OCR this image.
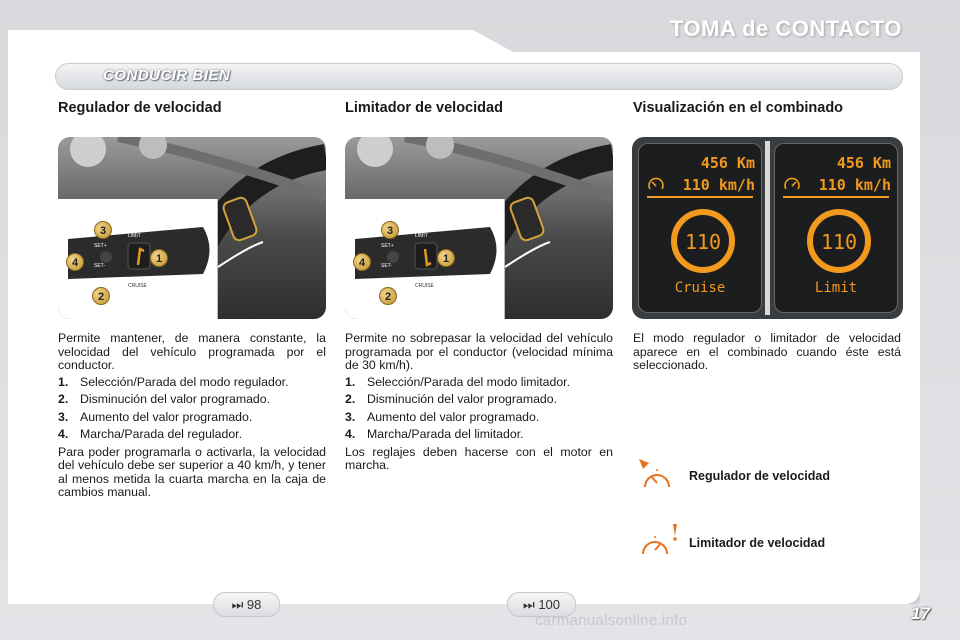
TOMA de CONTACTO
CONDUCIR BIEN
Regulador de velocidad
LIMIT
CRUISE
SET+
SET-
3
4	1
2

Permite mantener, de manera constante, la velocidad del vehículo programada por el conductor.

1. Selección/Parada del modo regulador.
2. Disminución del valor programado.
3. Aumento del valor programado.
4. Marcha/Parada del regulador.

Para poder programarla o activarla, la velocidad del vehículo debe ser superior a 40 km/h, y tener al menos metida la cuarta marcha en la caja de cambios manual.

Limitador de velocidad
LIMIT
CRUISE
SET+
SET-
3
4	1
2

Permite no sobrepasar la velocidad del vehículo programada por el conductor (velocidad mínima de 30 km/h).

1. Selección/Parada del modo limitador.
2. Disminución del valor programado.
3. Aumento del valor programado.
4. Marcha/Parada del limitador.

Los reglajes deben hacerse con el motor en marcha.

Visualización en el combinado
456 Km
110 km/h
110
Cruise
456 Km
110 km/h
110
Limit

El modo regulador o limitador de velocidad aparece en el combinado cuando éste está seleccionado.

Regulador de velocidad
Limitador de velocidad
⏭ 98	⏭ 100
carmanualsonline.info	17
